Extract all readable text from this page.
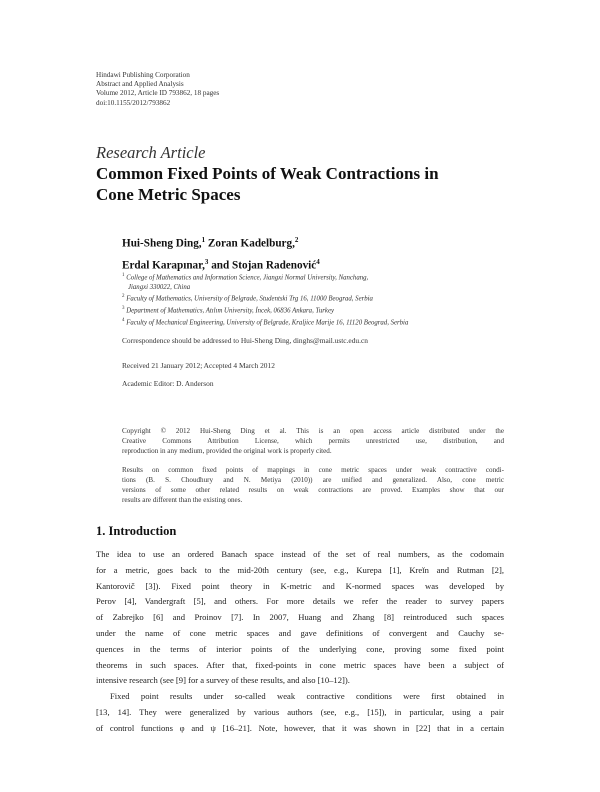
Hindawi Publishing Corporation
Abstract and Applied Analysis
Volume 2012, Article ID 793862, 18 pages
doi:10.1155/2012/793862
Research Article
Common Fixed Points of Weak Contractions in
Cone Metric Spaces
Hui-Sheng Ding,$^1$ Zoran Kadelburg,$^2$
Erdal Karapınar,$^3$ and Stojan Radenović$^4$
$^1$ College of Mathematics and Information Science, Jiangxi Normal University, Nanchang,
Jiangxi 330022, China
$^2$ Faculty of Mathematics, University of Belgrade, Studentski Trg 16, 11000 Beograd, Serbia
$^3$ Department of Mathematics, Atılım University, İncek, 06836 Ankara, Turkey
$^4$ Faculty of Mechanical Engineering, University of Belgrade, Kraljice Marije 16, 11120 Beograd, Serbia
Correspondence should be addressed to Hui-Sheng Ding, dinghs@mail.ustc.edu.cn
Received 21 January 2012; Accepted 4 March 2012
Academic Editor: D. Anderson
Copyright © 2012 Hui-Sheng Ding et al. This is an open access article distributed under the
Creative Commons Attribution License, which permits unrestricted use, distribution, and
reproduction in any medium, provided the original work is properly cited.
Results on common fixed points of mappings in cone metric spaces under weak contractive condi-
tions (B. S. Choudhury and N. Metiya (2010)) are unified and generalized. Also, cone metric
versions of some other related results on weak contractions are proved. Examples show that our
results are different than the existing ones.
1. Introduction
The idea to use an ordered Banach space instead of the set of real numbers, as the codomain
for a metric, goes back to the mid-20th century (see, e.g., Kurepa [1], Kreĭn and Rutman [2],
Kantorovič [3]). Fixed point theory in K-metric and K-normed spaces was developed by
Perov [4], Vandergraft [5], and others. For more details we refer the reader to survey papers
of Zabrejko [6] and Proinov [7]. In 2007, Huang and Zhang [8] reintroduced such spaces
under the name of cone metric spaces and gave definitions of convergent and Cauchy se-
quences in the terms of interior points of the underlying cone, proving some fixed point
theorems in such spaces. After that, fixed-points in cone metric spaces have been a subject of
intensive research (see [9] for a survey of these results, and also [10–12]).
Fixed point results under so-called weak contractive conditions were first obtained in
[13, 14]. They were generalized by various authors (see, e.g., [15]), in particular, using a pair
of control functions φ and ψ [16–21]. Note, however, that it was shown in [22] that in a certain
